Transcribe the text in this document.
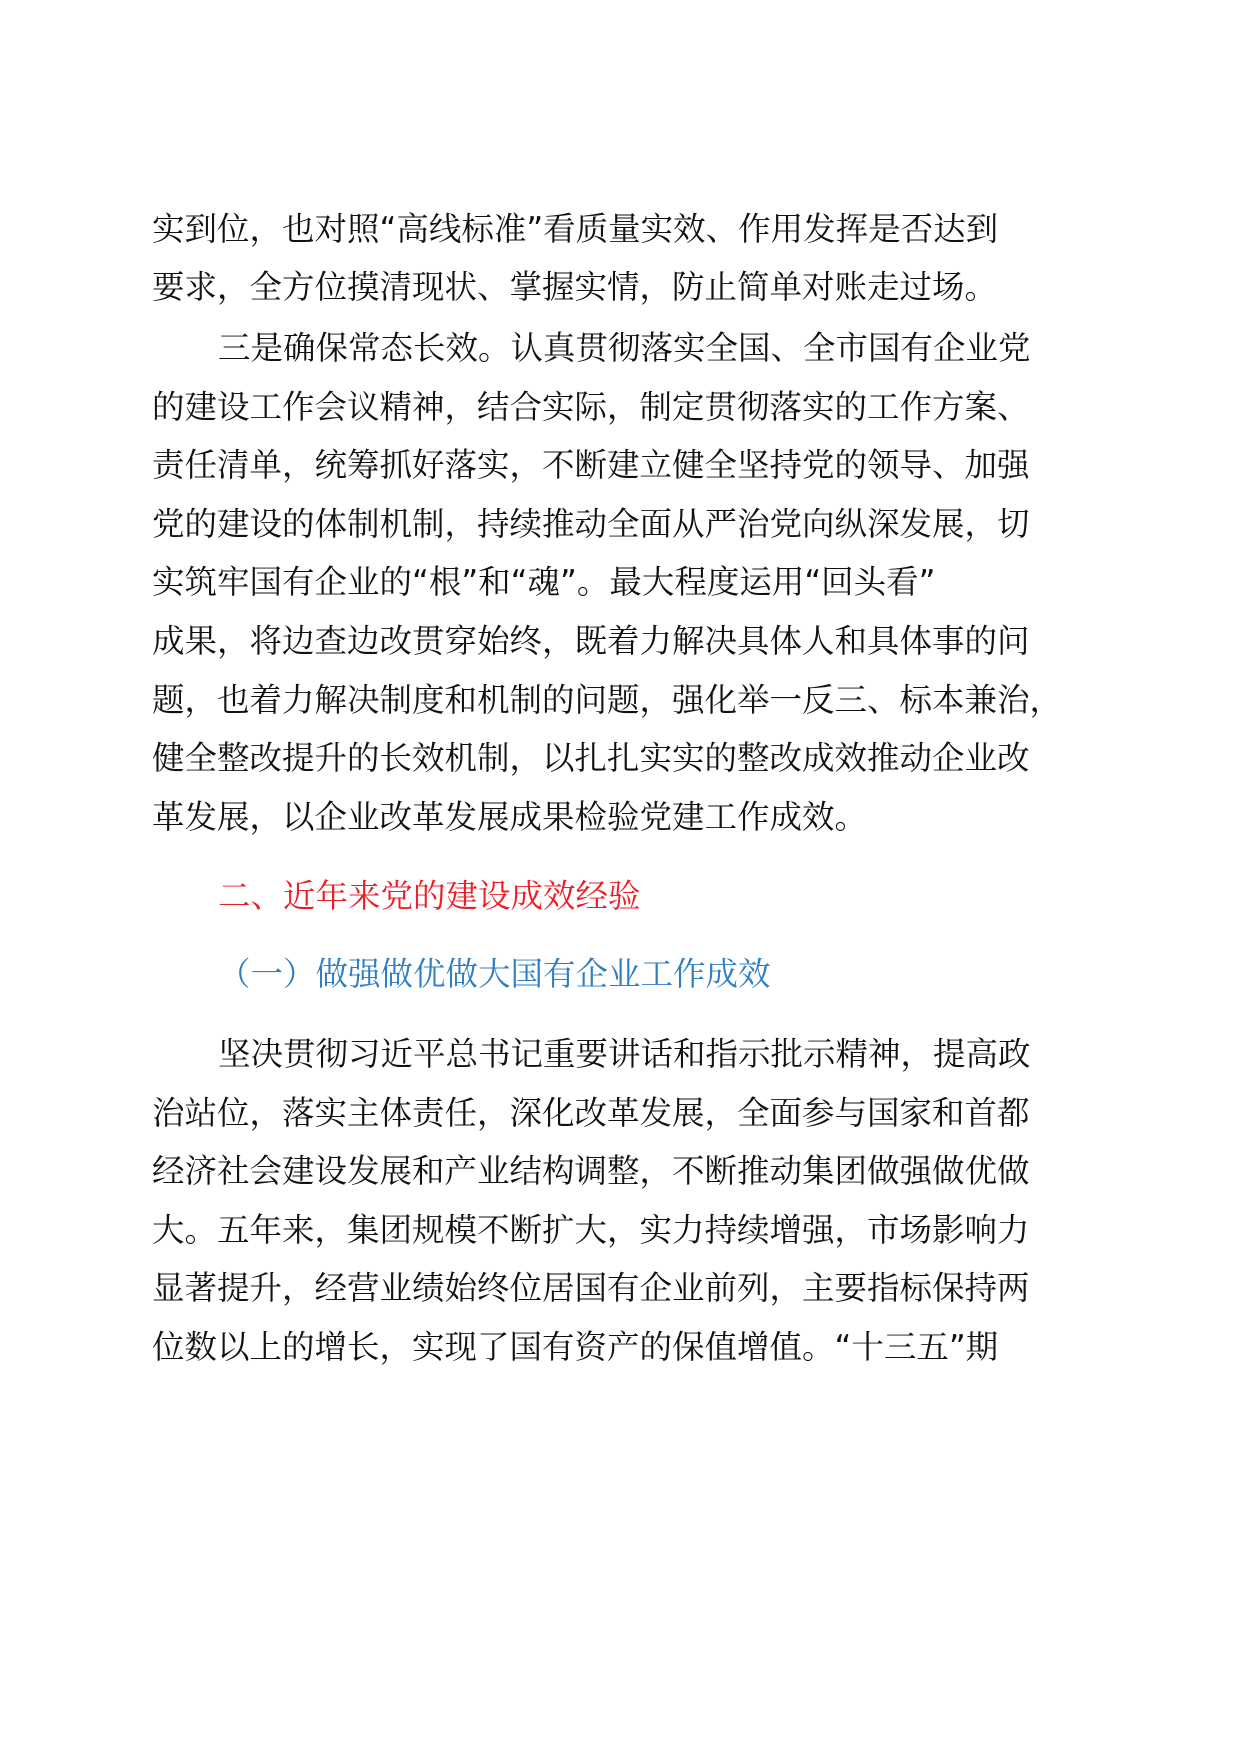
实到位，也对照“高线标准”看质量实效、作用发挥是否达到
要求，全方位摸清现状、掌握实情，防止简单对账走过场。
三是确保常态长效。认真贯彻落实全国、全市国有企业党
的建设工作会议精神，结合实际，制定贯彻落实的工作方案、
责任清单，统筹抓好落实，不断建立健全坚持党的领导、加强
党的建设的体制机制，持续推动全面从严治党向纵深发展，切
实筑牢国有企业的“根”和“魂”。最大程度运用“回头看”
成果，将边查边改贯穿始终，既着力解决具体人和具体事的问
题，也着力解决制度和机制的问题，强化举一反三、标本兼治，
健全整改提升的长效机制，以扎扎实实的整改成效推动企业改
革发展，以企业改革发展成果检验党建工作成效。
二、近年来党的建设成效经验
（一）做强做优做大国有企业工作成效
坚决贯彻习近平总书记重要讲话和指示批示精神，提高政
治站位，落实主体责任，深化改革发展，全面参与国家和首都
经济社会建设发展和产业结构调整，不断推动集团做强做优做
大。五年来，集团规模不断扩大，实力持续增强，市场影响力
显著提升，经营业绩始终位居国有企业前列，主要指标保持两
位数以上的增长，实现了国有资产的保值增值。“十三五”期
